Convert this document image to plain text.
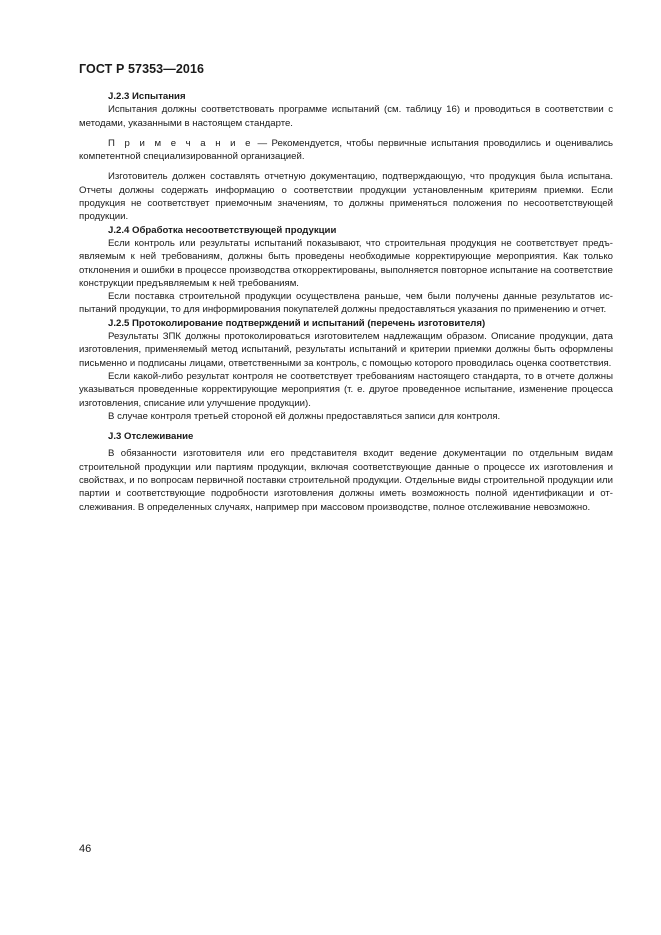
ГОСТ Р 57353—2016
J.2.3 Испытания

Испытания должны соответствовать программе испытаний (см. таблицу 16) и проводиться в соответствии с методами, указанными в настоящем стандарте.

П р и м е ч а н и е — Рекомендуется, чтобы первичные испытания проводились и оценивались компетентной специализированной организацией.

Изготовитель должен составлять отчетную документацию, подтверждающую, что продукция была испытана. Отчеты должны содержать информацию о соответствии продукции установленным критериям приемки. Если продукция не соответствует приемочным значениям, то должны применяться положения по несоответствующей продукции.

J.2.4 Обработка несоответствующей продукции

Если контроль или результаты испытаний показывают, что строительная продукция не соответствует предъявляемым к ней требованиям, должны быть проведены необходимые корректирующие мероприятия. Как только отклонения и ошибки в процессе производства откорректированы, выполняется повторное испытание на соответствие конструкции предъявляемым к ней требованиям.

Если поставка строительной продукции осуществлена раньше, чем были получены данные результатов испытаний продукции, то для информирования покупателей должны предоставляться указания по применению и отчет.

J.2.5 Протоколирование подтверждений и испытаний (перечень изготовителя)

Результаты ЗПК должны протоколироваться изготовителем надлежащим образом. Описание продукции, дата изготовления, применяемый метод испытаний, результаты испытаний и критерии приемки должны быть оформлены письменно и подписаны лицами, ответственными за контроль, с помощью которого проводилась оценка соответствия.

Если какой-либо результат контроля не соответствует требованиям настоящего стандарта, то в отчете должны указываться проведенные корректирующие мероприятия (т. е. другое проведенное испытание, изменение процесса изготовления, списание или улучшение продукции).

В случае контроля третьей стороной ей должны предоставляться записи для контроля.

J.3 Отслеживание

В обязанности изготовителя или его представителя входит ведение документации по отдельным видам строительной продукции или партиям продукции, включая соответствующие данные о процессе их изготовления и свойствах, и по вопросам первичной поставки строительной продукции. Отдельные виды строительной продукции или партии и соответствующие подробности изготовления должны иметь возможность полной идентификации и отслеживания. В определенных случаях, например при массовом производстве, полное отслеживание невозможно.

46
